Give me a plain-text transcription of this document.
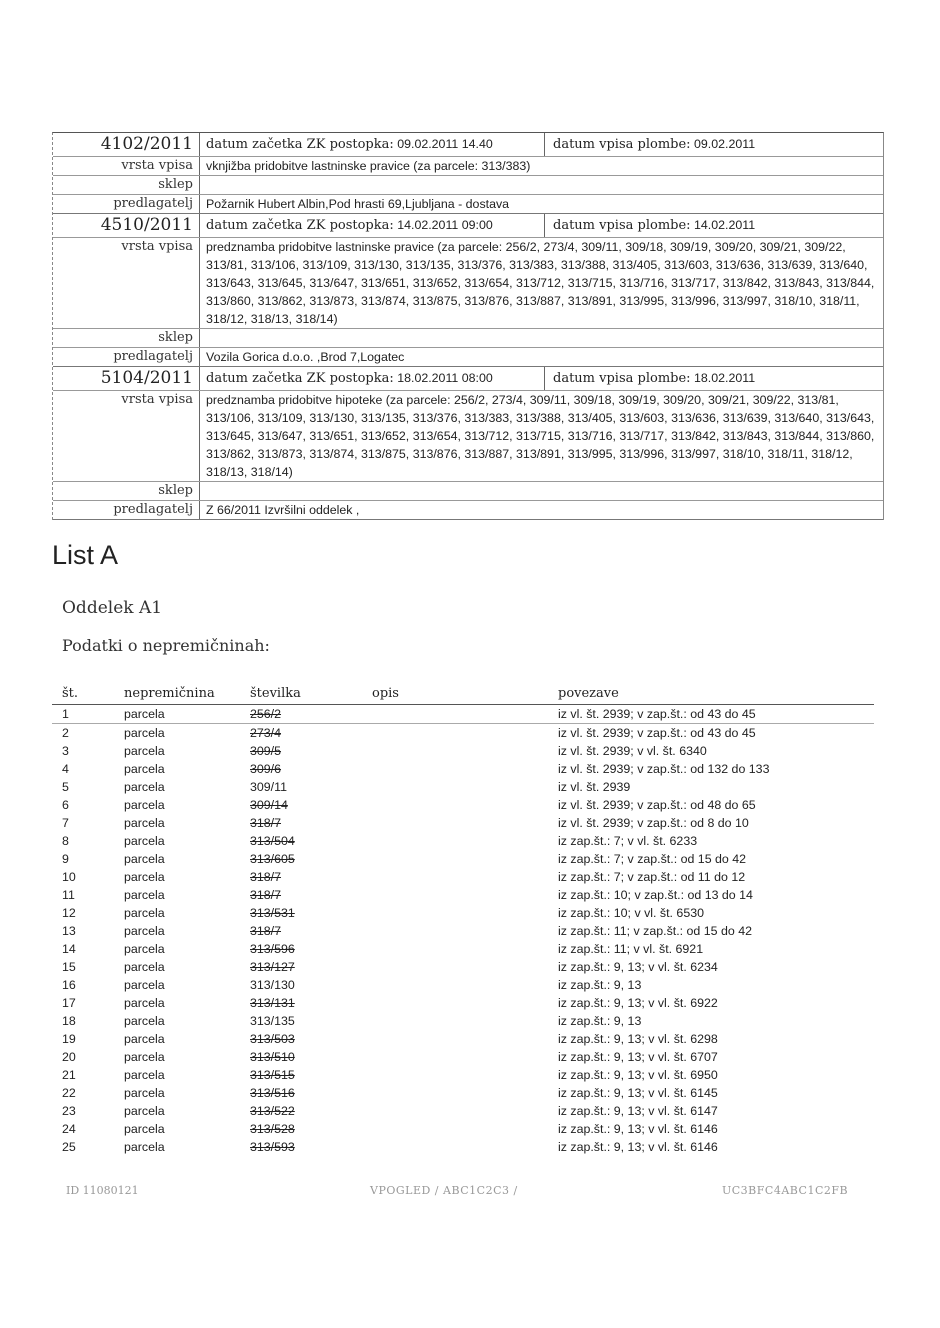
4102/2011	datum začetka ZK postopka: 09.02.2011 14.40	datum vpisa plombe: 09.02.2011
vrsta vpisa	vknjižba pridobitve lastninske pravice (za parcele: 313/383)
sklep
predlagatelj	Požarnik Hubert Albin,Pod hrasti 69,Ljubljana - dostava
4510/2011	datum začetka ZK postopka: 14.02.2011 09:00	datum vpisa plombe: 14.02.2011
vrsta vpisa	predznamba pridobitve lastninske pravice (za parcele: 256/2, 273/4, 309/11, 309/18, 309/19, 309/20, 309/21, 309/22, 313/81, 313/106, 313/109, 313/130, 313/135, 313/376, 313/383, 313/388, 313/405, 313/603, 313/636, 313/639, 313/640, 313/643, 313/645, 313/647, 313/651, 313/652, 313/654, 313/712, 313/715, 313/716, 313/717, 313/842, 313/843, 313/844, 313/860, 313/862, 313/873, 313/874, 313/875, 313/876, 313/887, 313/891, 313/995, 313/996, 313/997, 318/10, 318/11, 318/12, 318/13, 318/14)
sklep
predlagatelj	Vozila Gorica d.o.o. ,Brod 7,Logatec
5104/2011	datum začetka ZK postopka: 18.02.2011 08:00	datum vpisa plombe: 18.02.2011
vrsta vpisa	predznamba pridobitve hipoteke (za parcele: 256/2, 273/4, 309/11, 309/18, 309/19, 309/20, 309/21, 309/22, 313/81, 313/106, 313/109, 313/130, 313/135, 313/376, 313/383, 313/388, 313/405, 313/603, 313/636, 313/639, 313/640, 313/643, 313/645, 313/647, 313/651, 313/652, 313/654, 313/712, 313/715, 313/716, 313/717, 313/842, 313/843, 313/844, 313/860, 313/862, 313/873, 313/874, 313/875, 313/876, 313/887, 313/891, 313/995, 313/996, 313/997, 318/10, 318/11, 318/12, 318/13, 318/14)
sklep
predlagatelj	Z 66/2011 Izvršilni oddelek ,
List A
Oddelek A1
Podatki o nepremičninah:
št.	nepremičnina	številka	opis	povezave
1	parcela	256/2		iz vl. št. 2939; v zap.št.: od 43 do 45
2	parcela	273/4		iz vl. št. 2939; v zap.št.: od 43 do 45
3	parcela	309/5		iz vl. št. 2939; v vl. št. 6340
4	parcela	309/6		iz vl. št. 2939; v zap.št.: od 132 do 133
5	parcela	309/11		iz vl. št. 2939
6	parcela	309/14		iz vl. št. 2939; v zap.št.: od 48 do 65
7	parcela	318/7		iz vl. št. 2939; v zap.št.: od 8 do 10
8	parcela	313/504		iz zap.št.: 7; v vl. št. 6233
9	parcela	313/605		iz zap.št.: 7; v zap.št.: od 15 do 42
10	parcela	318/7		iz zap.št.: 7; v zap.št.: od 11 do 12
11	parcela	318/7		iz zap.št.: 10; v zap.št.: od 13 do 14
12	parcela	313/531		iz zap.št.: 10; v vl. št. 6530
13	parcela	318/7		iz zap.št.: 11; v zap.št.: od 15 do 42
14	parcela	313/596		iz zap.št.: 11; v vl. št. 6921
15	parcela	313/127		iz zap.št.: 9, 13; v vl. št. 6234
16	parcela	313/130		iz zap.št.: 9, 13
17	parcela	313/131		iz zap.št.: 9, 13; v vl. št. 6922
18	parcela	313/135		iz zap.št.: 9, 13
19	parcela	313/503		iz zap.št.: 9, 13; v vl. št. 6298
20	parcela	313/510		iz zap.št.: 9, 13; v vl. št. 6707
21	parcela	313/515		iz zap.št.: 9, 13; v vl. št. 6950
22	parcela	313/516		iz zap.št.: 9, 13; v vl. št. 6145
23	parcela	313/522		iz zap.št.: 9, 13; v vl. št. 6147
24	parcela	313/528		iz zap.št.: 9, 13; v vl. št. 6146
25	parcela	313/593		iz zap.št.: 9, 13; v vl. št. 6146
ID 11080121	VPOGLED / ABC1C2C3 /	UC3BFC4ABC1C2FB
